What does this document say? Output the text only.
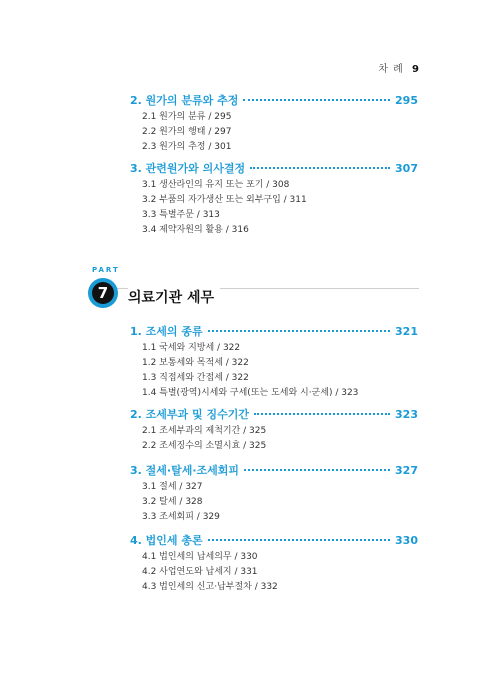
차 례 9
2. 원가의 분류와 추정	295
2.1 원가의 분류 / 295
2.2 원가의 행태 / 297
2.3 원가의 추정 / 301
3. 관련원가와 의사결정	307
3.1 생산라인의 유지 또는 포기 / 308
3.2 부품의 자가생산 또는 외부구입 / 311
3.3 특별주문 / 313
3.4 제약자원의 활용 / 316
PART
7	의료기관 세무
1. 조세의 종류	321
1.1 국세와 지방세 / 322
1.2 보통세와 목적세 / 322
1.3 직접세와 간접세 / 322
1.4 특별(광역)시세와 구세(또는 도세와 시·군세) / 323
2. 조세부과 및 징수기간	323
2.1 조세부과의 제척기간 / 325
2.2 조세징수의 소멸시효 / 325
3. 절세·탈세·조세회피	327
3.1 절세 / 327
3.2 탈세 / 328
3.3 조세회피 / 329
4. 법인세 총론	330
4.1 법인세의 납세의무 / 330
4.2 사업연도와 납세지 / 331
4.3 법인세의 신고·납부절차 / 332
